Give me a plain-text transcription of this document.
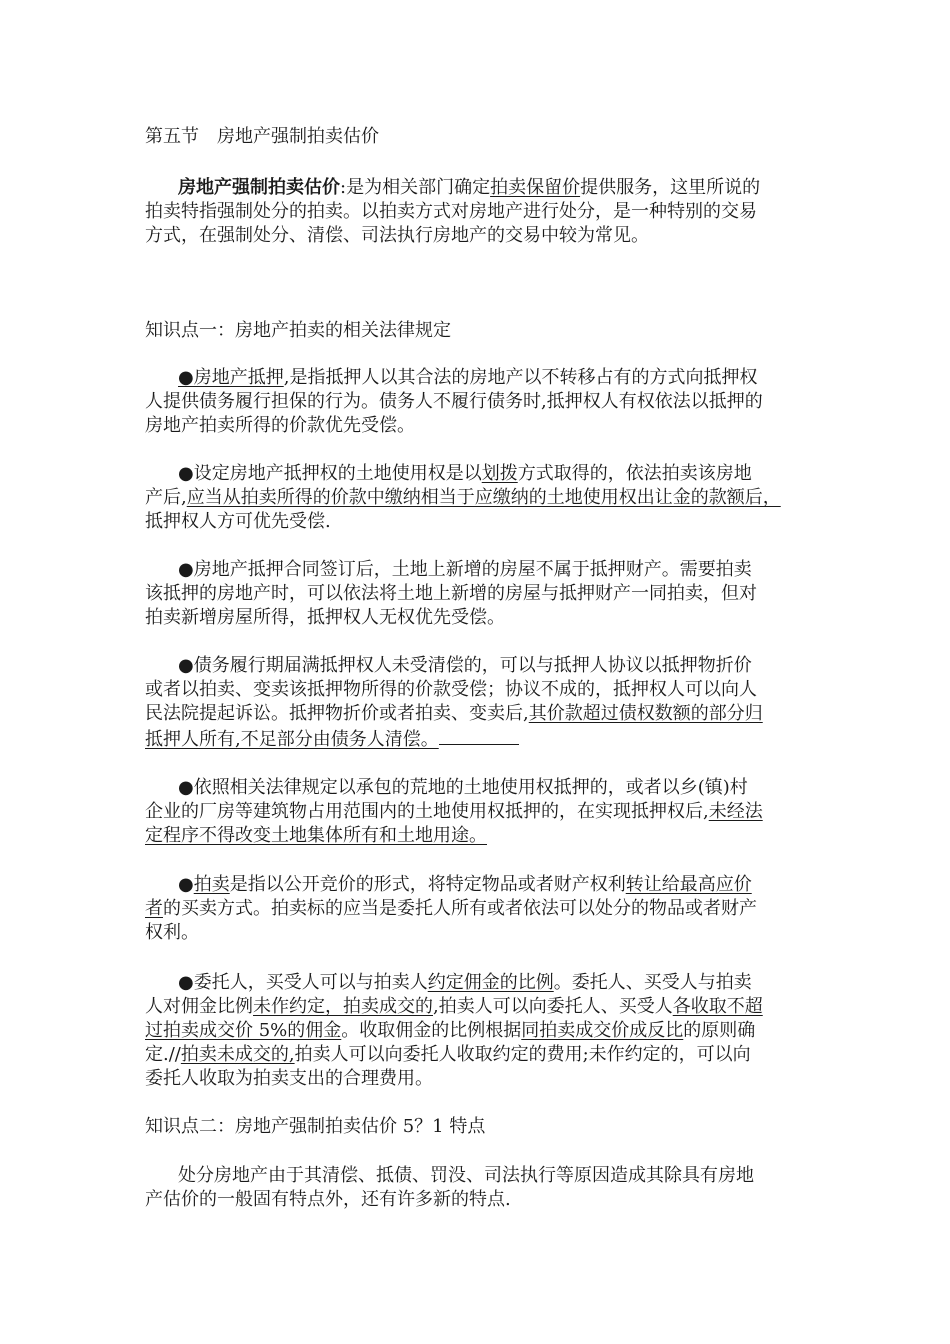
第五节　房地产强制拍卖估价
房地产强制拍卖估价:是为相关部门确定拍卖保留价提供服务，这里所说的
拍卖特指强制处分的拍卖。以拍卖方式对房地产进行处分，是一种特别的交易
方式，在强制处分、清偿、司法执行房地产的交易中较为常见。
知识点一：房地产拍卖的相关法律规定
●房地产抵押,是指抵押人以其合法的房地产以不转移占有的方式向抵押权
人提供债务履行担保的行为。债务人不履行债务时,抵押权人有权依法以抵押的
房地产拍卖所得的价款优先受偿。
●设定房地产抵押权的土地使用权是以划拨方式取得的，依法拍卖该房地
产后,应当从拍卖所得的价款中缴纳相当于应缴纳的土地使用权出让金的款额后，
抵押权人方可优先受偿.
●房地产抵押合同签订后，土地上新增的房屋不属于抵押财产。需要拍卖
该抵押的房地产时，可以依法将土地上新增的房屋与抵押财产一同拍卖，但对
拍卖新增房屋所得，抵押权人无权优先受偿。
●债务履行期届满抵押权人未受清偿的，可以与抵押人协议以抵押物折价
或者以拍卖、变卖该抵押物所得的价款受偿；协议不成的，抵押权人可以向人
民法院提起诉讼。抵押物折价或者拍卖、变卖后,其价款超过债权数额的部分归
抵押人所有,不足部分由债务人清偿。
●依照相关法律规定以承包的荒地的土地使用权抵押的，或者以乡(镇)村
企业的厂房等建筑物占用范围内的土地使用权抵押的，在实现抵押权后,未经法
定程序不得改变土地集体所有和土地用途。
●拍卖是指以公开竞价的形式，将特定物品或者财产权利转让给最高应价
者的买卖方式。拍卖标的应当是委托人所有或者依法可以处分的物品或者财产
权利。
●委托人，买受人可以与拍卖人约定佣金的比例。委托人、买受人与拍卖
人对佣金比例未作约定，拍卖成交的,拍卖人可以向委托人、买受人各收取不超
过拍卖成交价 5%的佣金。收取佣金的比例根据同拍卖成交价成反比的原则确
定.//拍卖未成交的,拍卖人可以向委托人收取约定的费用;未作约定的，可以向
委托人收取为拍卖支出的合理费用。
知识点二：房地产强制拍卖估价 5？1 特点
处分房地产由于其清偿、抵债、罚没、司法执行等原因造成其除具有房地
产估价的一般固有特点外，还有许多新的特点.
